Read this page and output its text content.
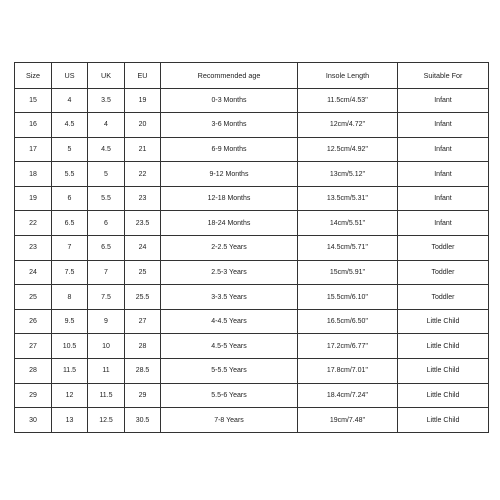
Size	US	UK	EU	Recommended age	Insole Length	Suitable For
15	4	3.5	19	0-3 Months	11.5cm/4.53''	Infant
16	4.5	4	20	3-6 Months	12cm/4.72''	Infant
17	5	4.5	21	6-9 Months	12.5cm/4.92''	Infant
18	5.5	5	22	9-12 Months	13cm/5.12''	Infant
19	6	5.5	23	12-18 Months	13.5cm/5.31''	Infant
22	6.5	6	23.5	18-24 Months	14cm/5.51''	Infant
23	7	6.5	24	2-2.5 Years	14.5cm/5.71''	Toddler
24	7.5	7	25	2.5-3 Years	15cm/5.91''	Toddler
25	8	7.5	25.5	3-3.5 Years	15.5cm/6.10''	Toddler
26	9.5	9	27	4-4.5 Years	16.5cm/6.50''	Little Child
27	10.5	10	28	4.5-5 Years	17.2cm/6.77''	Little Child
28	11.5	11	28.5	5-5.5 Years	17.8cm/7.01''	Little Child
29	12	11.5	29	5.5-6 Years	18.4cm/7.24''	Little Child
30	13	12.5	30.5	7-8 Years	19cm/7.48''	Little Child
